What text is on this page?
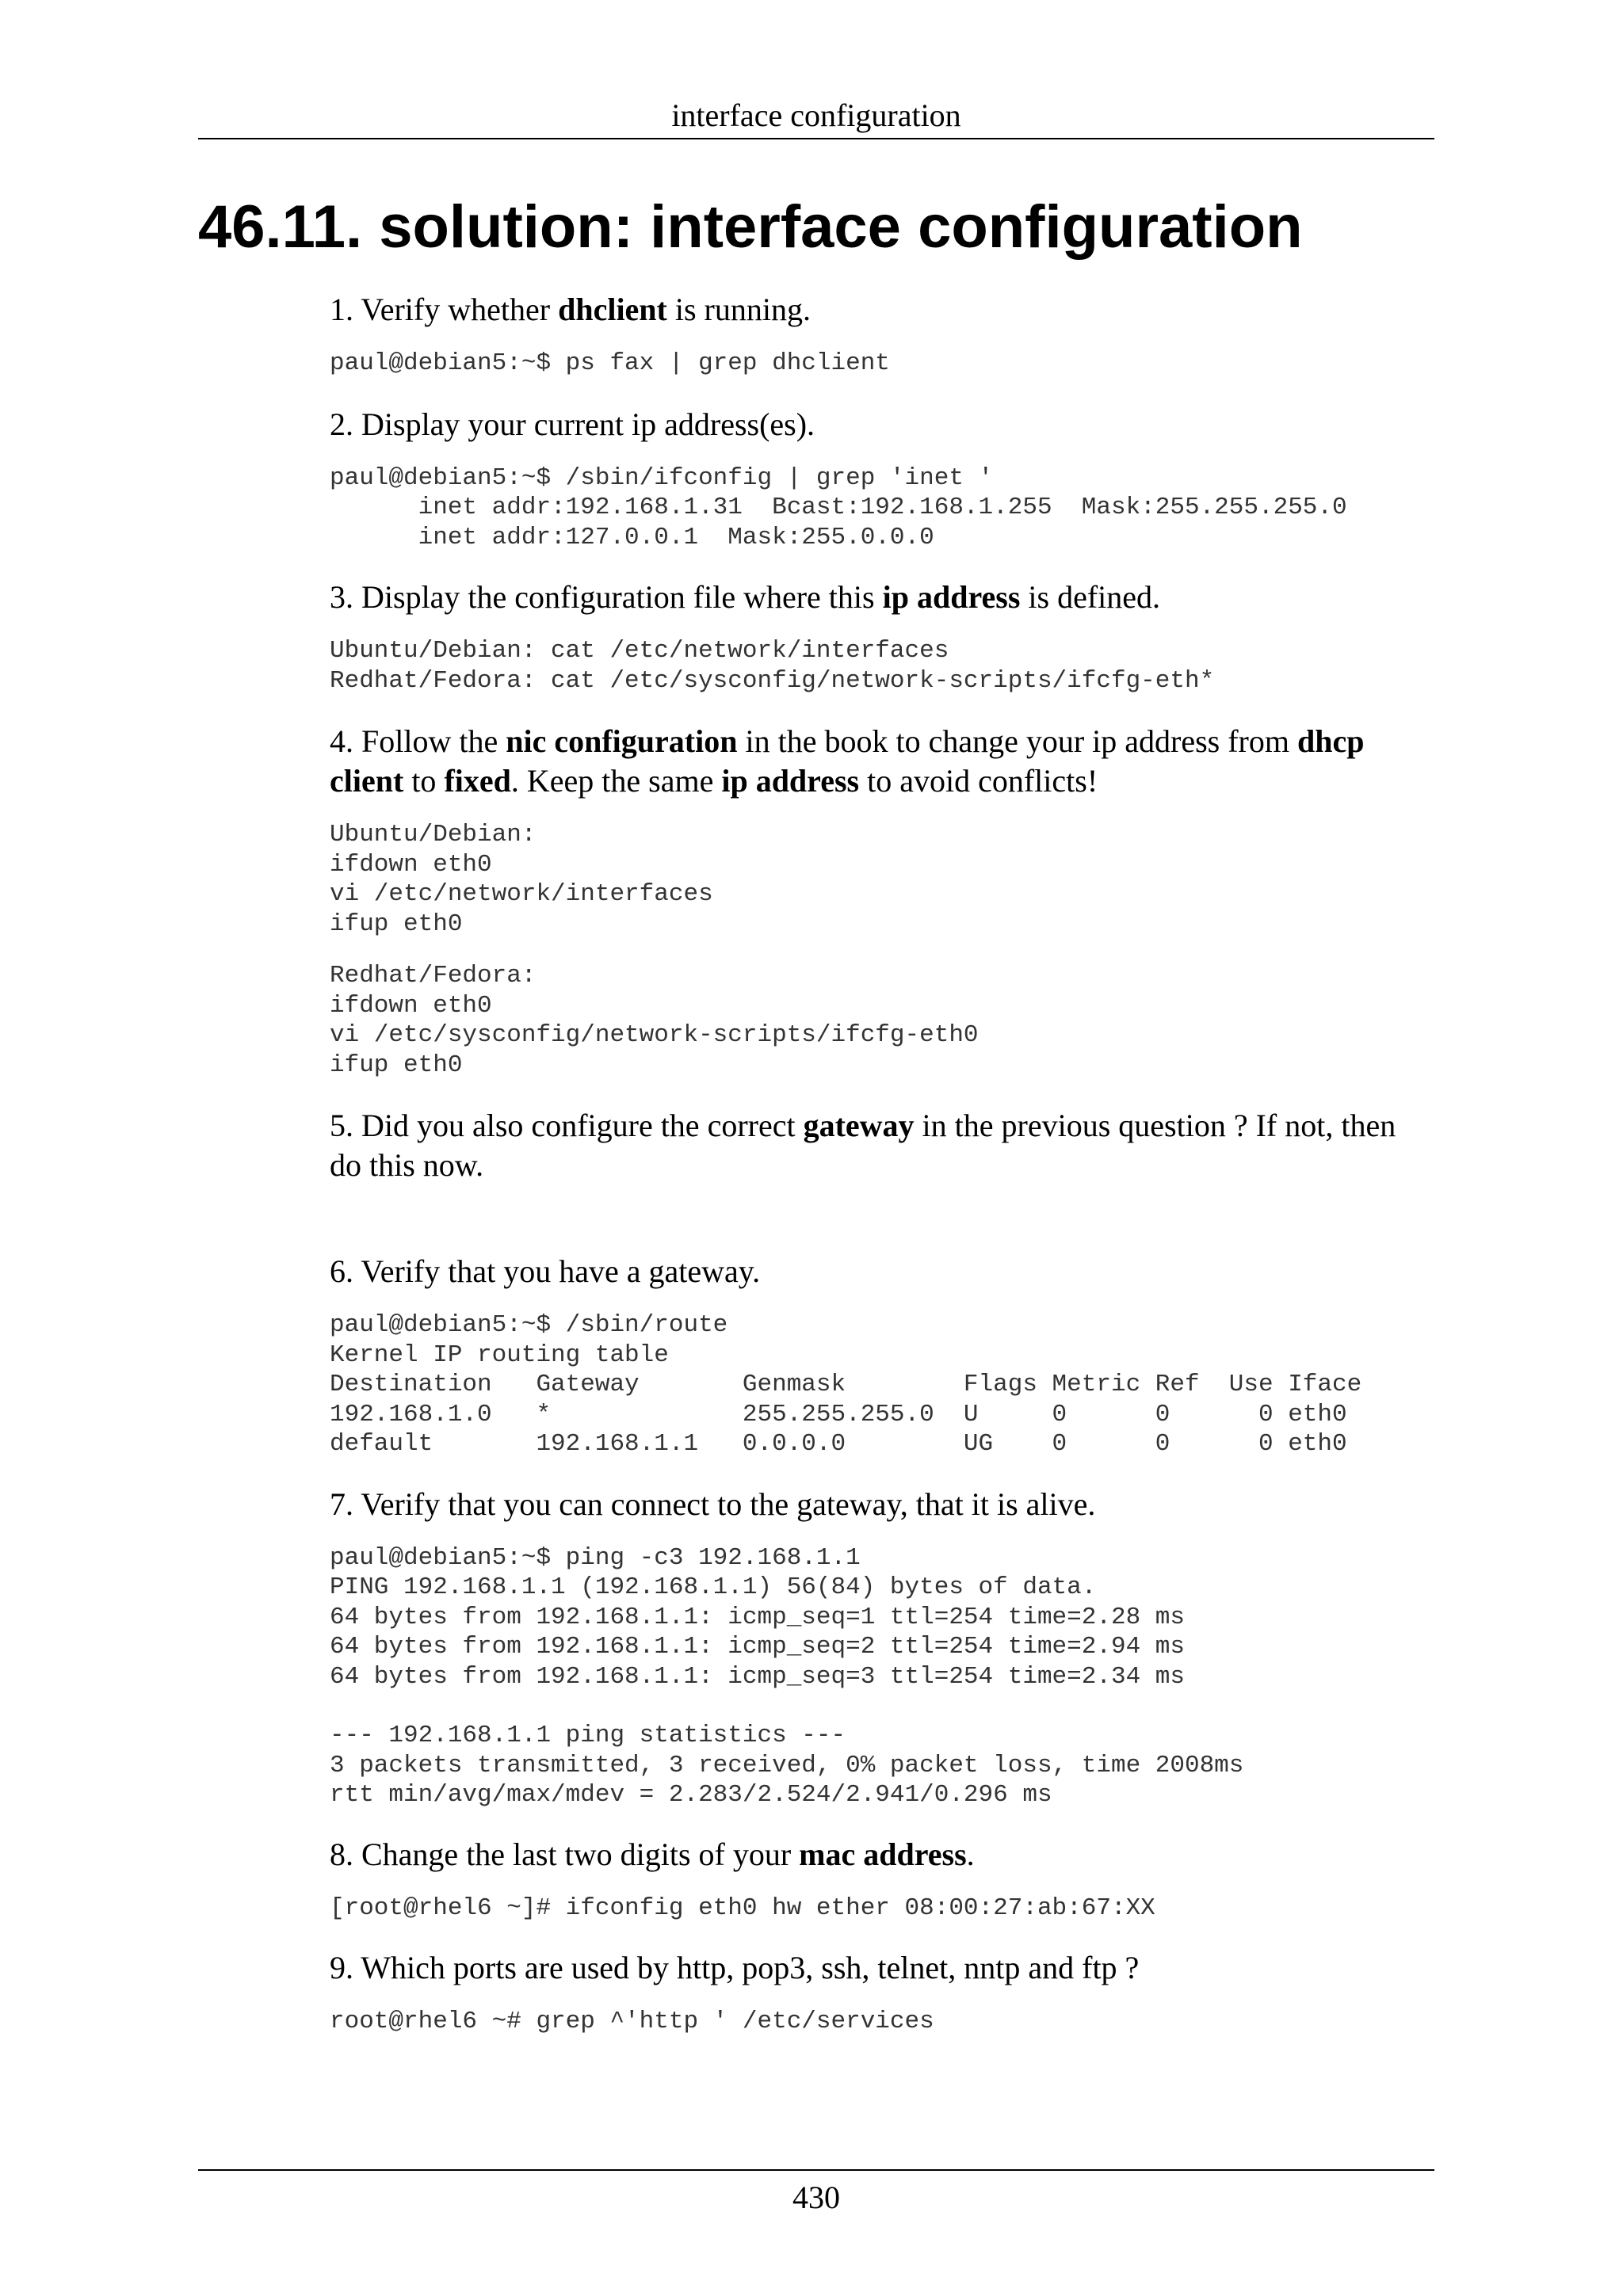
interface configuration
46.11. solution: interface configuration

1. Verify whether dhclient is running.

paul@debian5:~$ ps fax | grep dhclient

2. Display your current ip address(es).

paul@debian5:~$ /sbin/ifconfig | grep 'inet '
inet addr:192.168.1.31  Bcast:192.168.1.255  Mask:255.255.255.0
inet addr:127.0.0.1  Mask:255.0.0.0

3. Display the configuration file where this ip address is defined.

Ubuntu/Debian: cat /etc/network/interfaces
Redhat/Fedora: cat /etc/sysconfig/network-scripts/ifcfg-eth*

4. Follow the nic configuration in the book to change your ip address from dhcp client to fixed. Keep the same ip address to avoid conflicts!

Ubuntu/Debian:
ifdown eth0
vi /etc/network/interfaces
ifup eth0
Redhat/Fedora:
ifdown eth0
vi /etc/sysconfig/network-scripts/ifcfg-eth0
ifup eth0

5. Did you also configure the correct gateway in the previous question ? If not, then do this now.

6. Verify that you have a gateway.

paul@debian5:~$ /sbin/route
Kernel IP routing table
Destination   Gateway       Genmask        Flags Metric Ref  Use Iface
192.168.1.0   *             255.255.255.0  U     0      0      0 eth0
default       192.168.1.1   0.0.0.0        UG    0      0      0 eth0

7. Verify that you can connect to the gateway, that it is alive.

paul@debian5:~$ ping -c3 192.168.1.1
PING 192.168.1.1 (192.168.1.1) 56(84) bytes of data.
64 bytes from 192.168.1.1: icmp_seq=1 ttl=254 time=2.28 ms
64 bytes from 192.168.1.1: icmp_seq=2 ttl=254 time=2.94 ms
64 bytes from 192.168.1.1: icmp_seq=3 ttl=254 time=2.34 ms
--- 192.168.1.1 ping statistics ---
3 packets transmitted, 3 received, 0% packet loss, time 2008ms
rtt min/avg/max/mdev = 2.283/2.524/2.941/0.296 ms

8. Change the last two digits of your mac address.

[root@rhel6 ~]# ifconfig eth0 hw ether 08:00:27:ab:67:XX

9. Which ports are used by http, pop3, ssh, telnet, nntp and ftp ?

root@rhel6 ~# grep ^'http ' /etc/services
430
